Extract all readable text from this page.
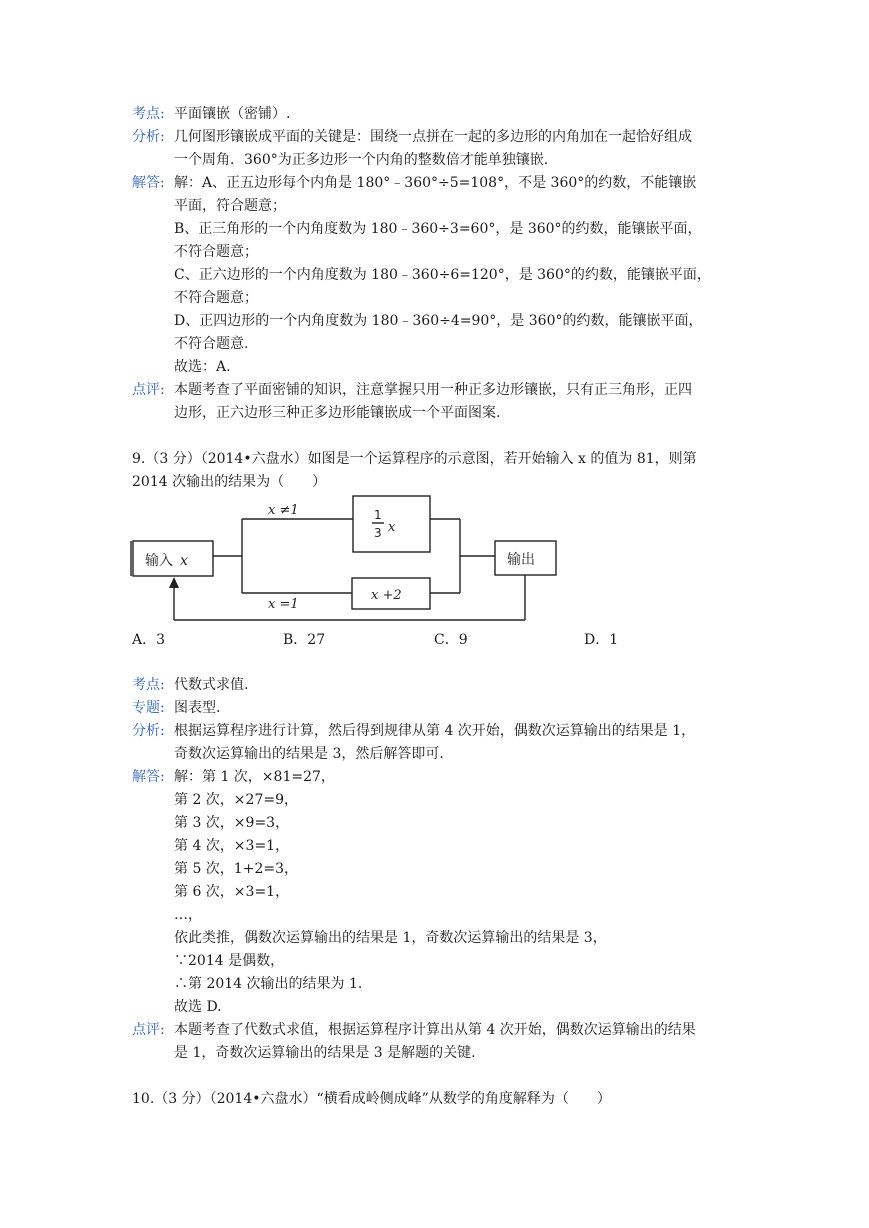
考点: 平面镶嵌（密铺）.
分析: 几何图形镶嵌成平面的关键是：围绕一点拼在一起的多边形的内角加在一起恰好组成
一个周角．360°为正多边形一个内角的整数倍才能单独镶嵌.
解答: 解：A、正五边形每个内角是 180°﹣360°÷5=108°，不是 360°的约数，不能镶嵌
平面，符合题意；
B、正三角形的一个内角度数为 180﹣360÷3=60°，是 360°的约数，能镶嵌平面，
不符合题意；
C、正六边形的一个内角度数为 180﹣360÷6=120°，是 360°的约数，能镶嵌平面，
不符合题意；
D、正四边形的一个内角度数为 180﹣360÷4=90°，是 360°的约数，能镶嵌平面，
不符合题意.
故选：A.
点评: 本题考查了平面密铺的知识，注意掌握只用一种正多边形镶嵌，只有正三角形，正四
边形，正六边形三种正多边形能镶嵌成一个平面图案.
9.（3 分）（2014•六盘水）如图是一个运算程序的示意图，若开始输入 x 的值为 81，则第
2014 次输出的结果为（　　）
输入 x
x ≠1
x =1
1
3 x
x +2
输出
A．3	B．27	C．9	D．1
考点: 代数式求值.
专题: 图表型.
分析: 根据运算程序进行计算，然后得到规律从第 4 次开始，偶数次运算输出的结果是 1，
奇数次运算输出的结果是 3，然后解答即可.
解答: 解：第 1 次，×81=27，
第 2 次，×27=9，
第 3 次，×9=3，
第 4 次，×3=1，
第 5 次，1+2=3，
第 6 次，×3=1，
…，
依此类推，偶数次运算输出的结果是 1，奇数次运算输出的结果是 3，
∵2014 是偶数，
∴第 2014 次输出的结果为 1.
故选 D.
点评: 本题考查了代数式求值，根据运算程序计算出从第 4 次开始，偶数次运算输出的结果
是 1，奇数次运算输出的结果是 3 是解题的关键.
10.（3 分）（2014•六盘水）“横看成岭侧成峰”从数学的角度解释为（　　）
